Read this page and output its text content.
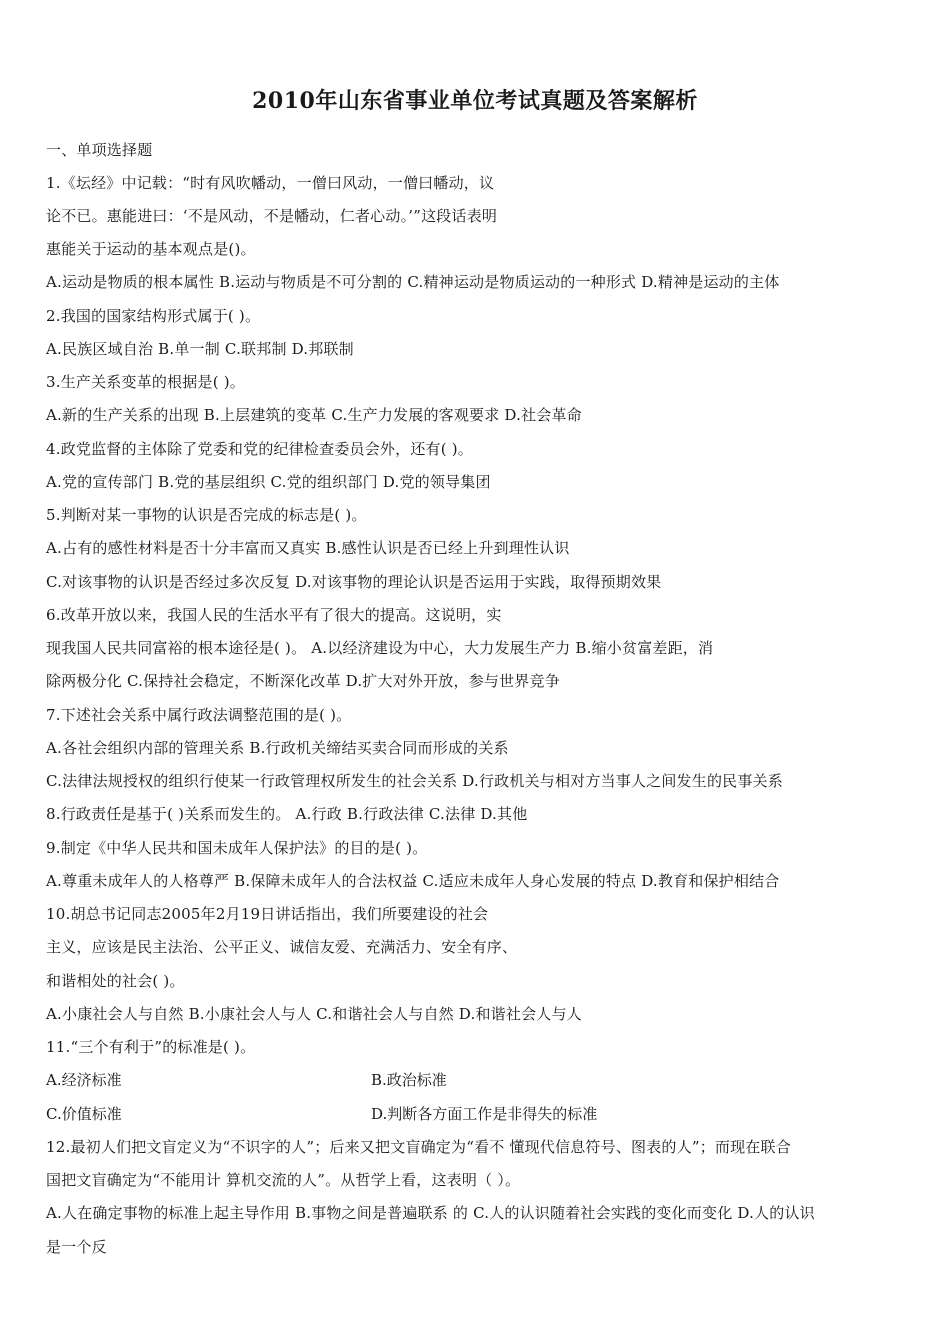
2010年山东省事业单位考试真题及答案解析
一、单项选择题
1.《坛经》中记载：“时有风吹幡动，一僧曰风动，一僧曰幡动，议
论不已。惠能进曰：‘不是风动，不是幡动，仁者心动。’”这段话表明
惠能关于运动的基本观点是()。
A.运动是物质的根本属性 B.运动与物质是不可分割的 C.精神运动是物质运动的一种形式 D.精神是运动的主体
2.我国的国家结构形式属于( )。
A.民族区域自治 B.单一制 C.联邦制 D.邦联制
3.生产关系变革的根据是( )。
A.新的生产关系的出现 B.上层建筑的变革 C.生产力发展的客观要求 D.社会革命
4.政党监督的主体除了党委和党的纪律检查委员会外，还有( )。
A.党的宣传部门 B.党的基层组织 C.党的组织部门 D.党的领导集团
5.判断对某一事物的认识是否完成的标志是( )。
A.占有的感性材料是否十分丰富而又真实 B.感性认识是否已经上升到理性认识
C.对该事物的认识是否经过多次反复 D.对该事物的理论认识是否运用于实践，取得预期效果
6.改革开放以来，我国人民的生活水平有了很大的提高。这说明，实
现我国人民共同富裕的根本途径是( )。 A.以经济建设为中心，大力发展生产力 B.缩小贫富差距，消
除两极分化 C.保持社会稳定，不断深化改革 D.扩大对外开放，参与世界竞争
7.下述社会关系中属行政法调整范围的是( )。
A.各社会组织内部的管理关系 B.行政机关缔结买卖合同而形成的关系
C.法律法规授权的组织行使某一行政管理权所发生的社会关系 D.行政机关与相对方当事人之间发生的民事关系
8.行政责任是基于( )关系而发生的。 A.行政 B.行政法律 C.法律 D.其他
9.制定《中华人民共和国未成年人保护法》的目的是( )。
A.尊重未成年人的人格尊严 B.保障未成年人的合法权益 C.适应未成年人身心发展的特点 D.教育和保护相结合
10.胡总书记同志2005年2月19日讲话指出，我们所要建设的社会
主义，应该是民主法治、公平正义、诚信友爱、充满活力、安全有序、
和谐相处的社会( )。
A.小康社会人与自然 B.小康社会人与人 C.和谐社会人与自然 D.和谐社会人与人
11.“三个有利于”的标准是( )。
A.经济标准	B.政治标准
C.价值标准	D.判断各方面工作是非得失的标准
12.最初人们把文盲定义为“不识字的人”；后来又把文盲确定为“看不 懂现代信息符号、图表的人”；而现在联合
国把文盲确定为“不能用计 算机交流的人”。从哲学上看，这表明（ ）。
A.人在确定事物的标准上起主导作用 B.事物之间是普遍联系 的 C.人的认识随着社会实践的变化而变化 D.人的认识
是一个反
